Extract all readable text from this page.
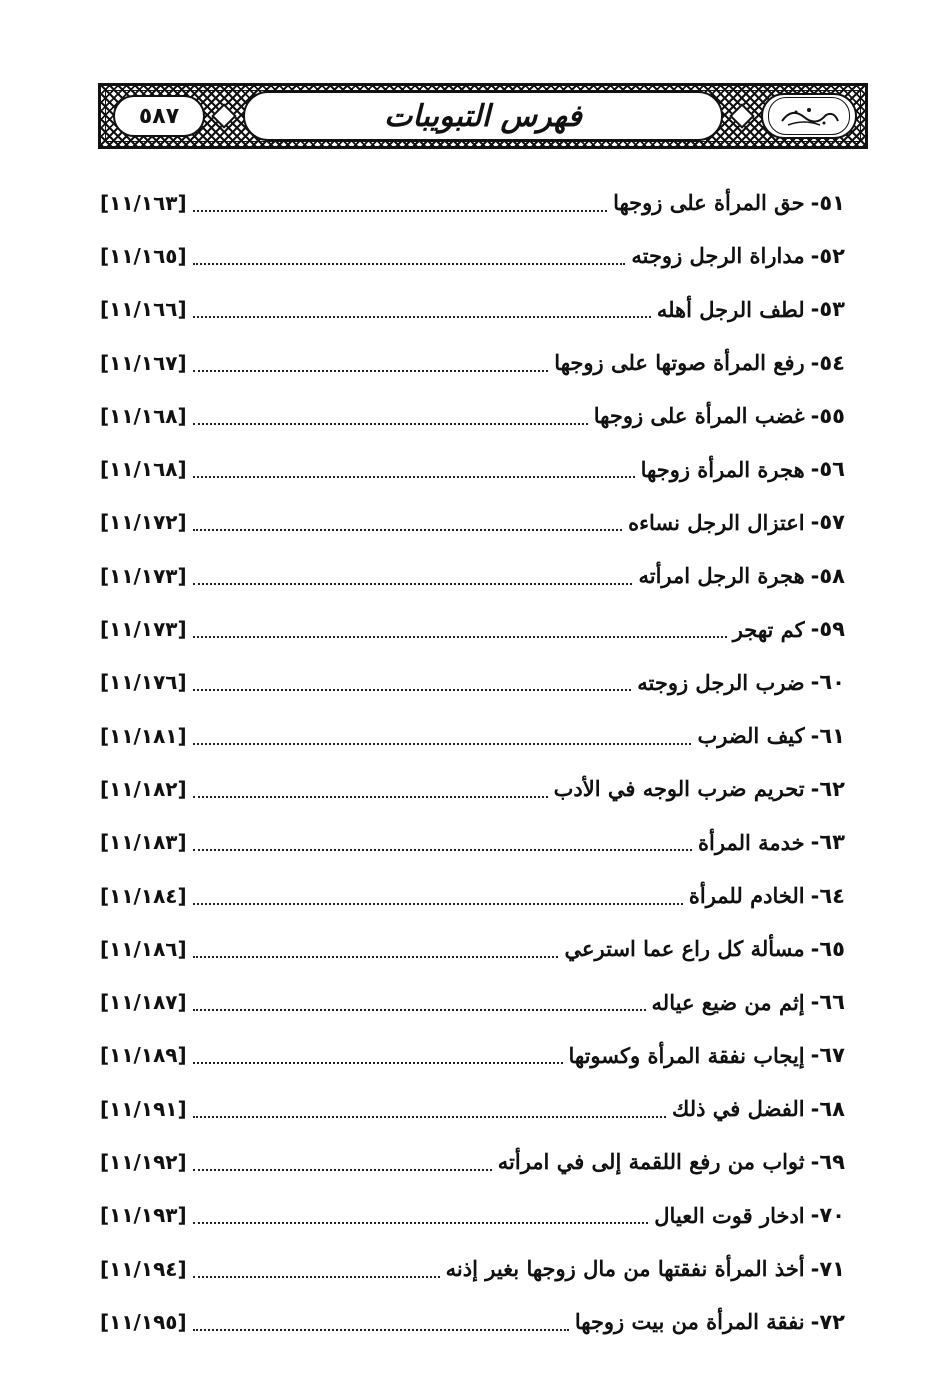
٥٨٧	فهرس التبويبات
٥١-
حق المرأة على زوجها
[١١/١٦٣]
٥٢-
مداراة الرجل زوجته
[١١/١٦٥]
٥٣-
لطف الرجل أهله
[١١/١٦٦]
٥٤-
رفع المرأة صوتها على زوجها
[١١/١٦٧]
٥٥-
غضب المرأة على زوجها
[١١/١٦٨]
٥٦-
هجرة المرأة زوجها
[١١/١٦٨]
٥٧-
اعتزال الرجل نساءه
[١١/١٧٢]
٥٨-
هجرة الرجل امرأته
[١١/١٧٣]
٥٩-
كم تهجر
[١١/١٧٣]
٦٠-
ضرب الرجل زوجته
[١١/١٧٦]
٦١-
كيف الضرب
[١١/١٨١]
٦٢-
تحريم ضرب الوجه في الأدب
[١١/١٨٢]
٦٣-
خدمة المرأة
[١١/١٨٣]
٦٤-
الخادم للمرأة
[١١/١٨٤]
٦٥-
مسألة كل راع عما استرعي
[١١/١٨٦]
٦٦-
إثم من ضيع عياله
[١١/١٨٧]
٦٧-
إيجاب نفقة المرأة وكسوتها
[١١/١٨٩]
٦٨-
الفضل في ذلك
[١١/١٩١]
٦٩-
ثواب من رفع اللقمة إلى في امرأته
[١١/١٩٢]
٧٠-
ادخار قوت العيال
[١١/١٩٣]
٧١-
أخذ المرأة نفقتها من مال زوجها بغير إذنه
[١١/١٩٤]
٧٢-
نفقة المرأة من بيت زوجها
[١١/١٩٥]
